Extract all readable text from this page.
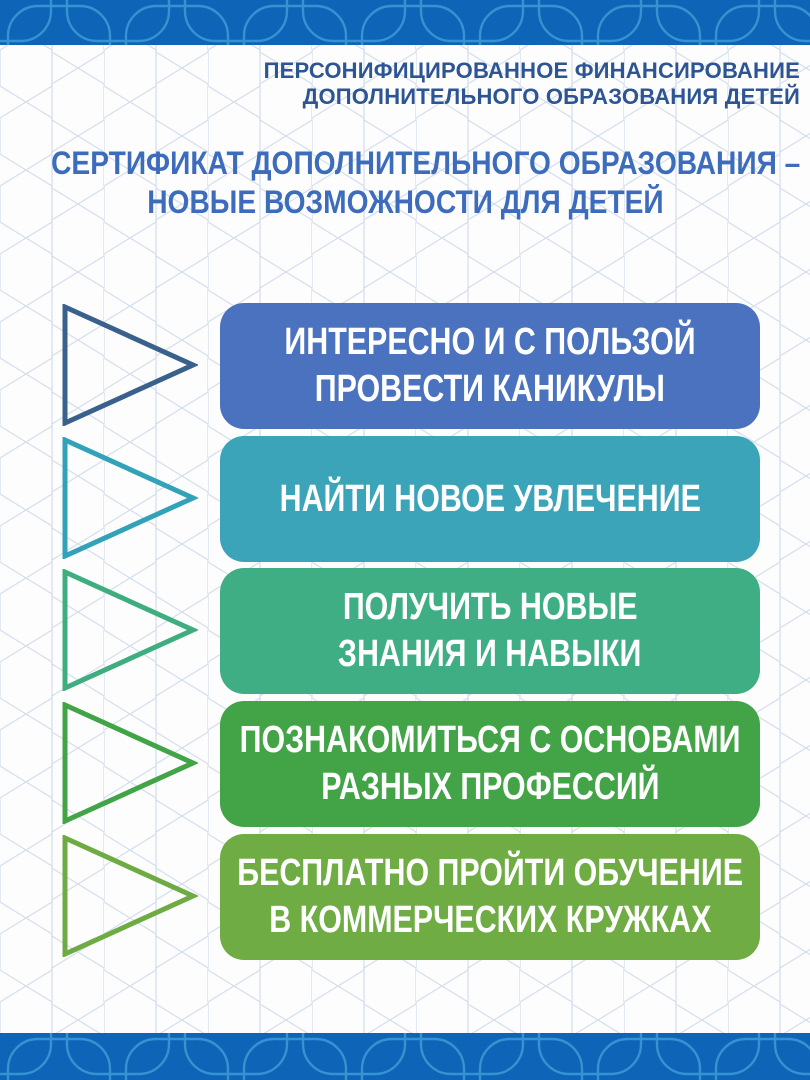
ПЕРСОНИФИЦИРОВАННОЕ ФИНАНСИРОВАНИЕ
ДОПОЛНИТЕЛЬНОГО ОБРАЗОВАНИЯ ДЕТЕЙ
СЕРТИФИКАТ ДОПОЛНИТЕЛЬНОГО ОБРАЗОВАНИЯ – НОВЫЕ ВОЗМОЖНОСТИ ДЛЯ ДЕТЕЙ
ИНТЕРЕСНО И С ПОЛЬЗОЙ
ПРОВЕСТИ КАНИКУЛЫ
НАЙТИ НОВОЕ УВЛЕЧЕНИЕ
ПОЛУЧИТЬ НОВЫЕ
ЗНАНИЯ И НАВЫКИ
ПОЗНАКОМИТЬСЯ С ОСНОВАМИ
РАЗНЫХ ПРОФЕССИЙ
БЕСПЛАТНО ПРОЙТИ ОБУЧЕНИЕ
В КОММЕРЧЕСКИХ КРУЖКАХ
